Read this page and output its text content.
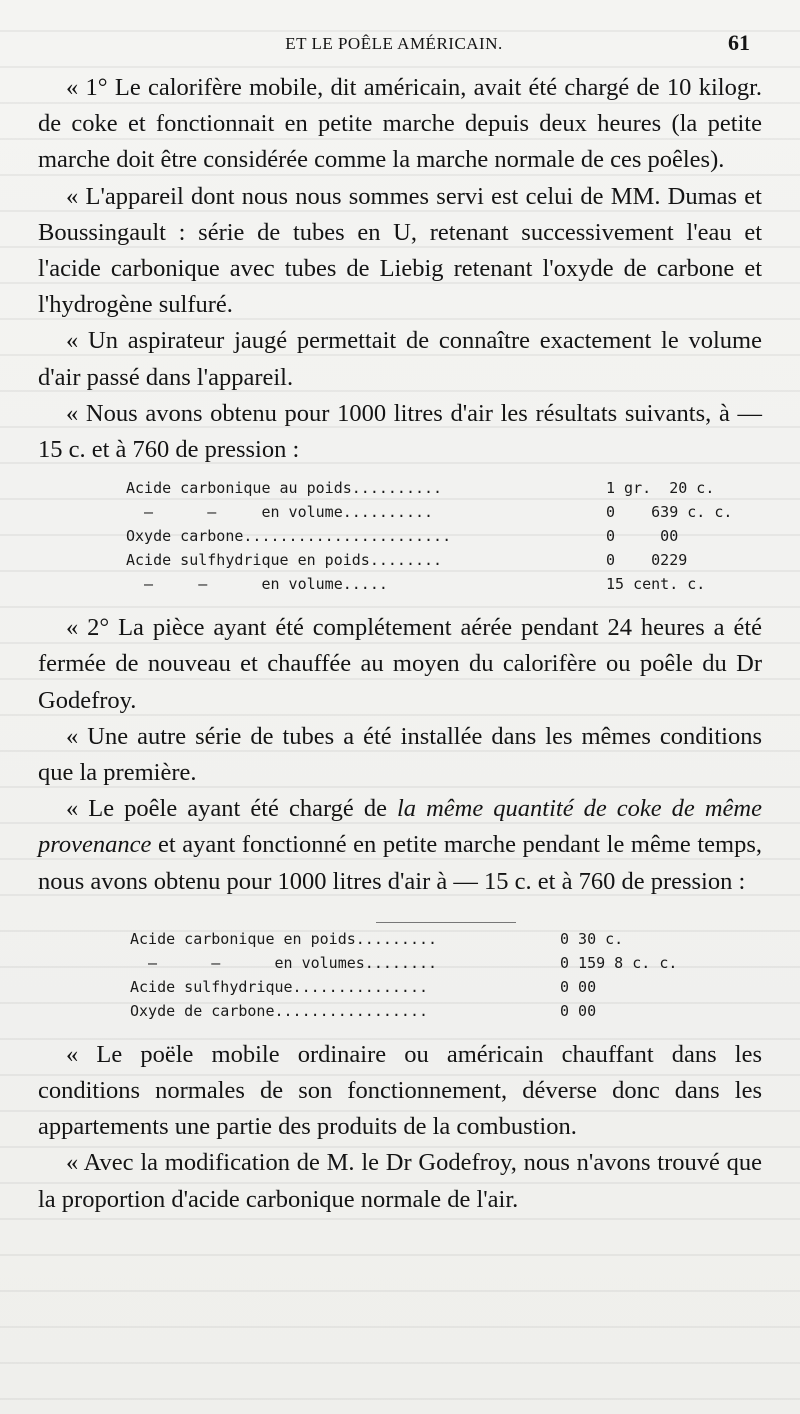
ET LE POÊLE AMÉRICAIN.	61

« 1° Le calorifère mobile, dit américain, avait été chargé de 10 kilogr. de coke et fonctionnait en petite marche depuis deux heures (la petite marche doit être considérée comme la marche normale de ces poêles).

« L'appareil dont nous nous sommes servi est celui de MM. Dumas et Boussingault : série de tubes en U, retenant successivement l'eau et l'acide carbonique avec tubes de Liebig retenant l'oxyde de carbone et l'hydrogène sulfuré.

« Un aspirateur jaugé permettait de connaître exactement le volume d'air passé dans l'appareil.

« Nous avons obtenu pour 1000 litres d'air les résultats suivants, à — 15 c. et à 760 de pression :

Acide carbonique au poids..........	1 gr.  20 c.
—      —     en volume..........	0    639 c. c.
Oxyde carbone.......................	0     00
Acide sulfhydrique en poids........	0    0229
—     —      en volume.....	15 cent. c.

« 2° La pièce ayant été complétement aérée pendant 24 heures a été fermée de nouveau et chauffée au moyen du calorifère ou poêle du Dr Godefroy.

« Une autre série de tubes a été installée dans les mêmes conditions que la première.

« Le poêle ayant été chargé de la même quantité de coke de même provenance et ayant fonctionné en petite marche pendant le même temps, nous avons obtenu pour 1000 litres d'air à — 15 c. et à 760 de pression :

Acide carbonique en poids.........	0 30 c.
—      —      en volumes........	0 159 8 c. c.
Acide sulfhydrique...............	0 00
Oxyde de carbone.................	0 00

« Le poële mobile ordinaire ou américain chauffant dans les conditions normales de son fonctionnement, déverse donc dans les appartements une partie des produits de la combustion.

« Avec la modification de M. le Dr Godefroy, nous n'avons trouvé que la proportion d'acide carbonique normale de l'air.
